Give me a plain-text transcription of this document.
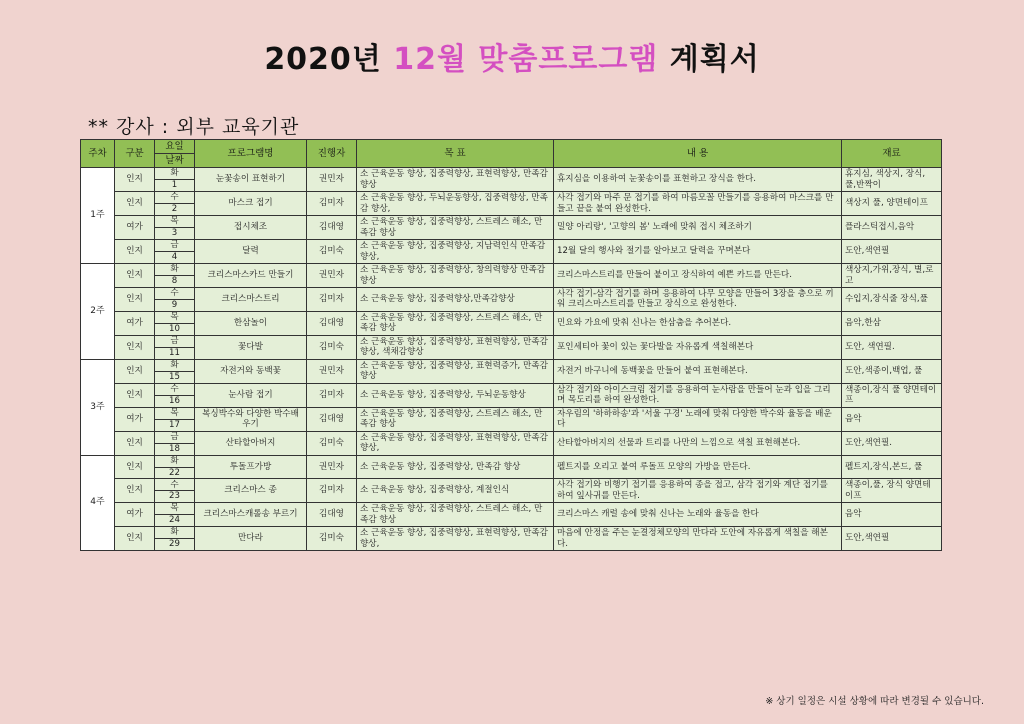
2020년 12월 맞춤프로그램 계획서
** 강사 : 외부 교육기관
주차	구분	요일	프로그램명	진행자	목 표	내 용	재료
		날짜					
1주	인지	화	눈꽃송이 표현하기	권민자	소 근육운동 향상, 집중력향상, 표현력향상, 만족감 향상	휴지심을 이용하여 눈꽃송이를 표현하고 장식을 한다.	휴지심, 색상지, 장식, 풀,반짝이
		1					
	인지	수	마스크 접기	김미자	소 근육운동 향상, 두뇌운동향상, 집중력향상, 만족감 향상,	사각 접기와 마주 문 접기를 하여 마름모꼴 만들기를 응용하여 마스크를 만들고 끝을 붙여 완성한다.	색상지 풀, 양면테이프
		2					
	여가	목	접시체조	김대영	소 근육운동 향상, 집중력향상, 스트레스 해소, 만족감 향상	밀양 아리랑', '고향의 봄' 노래에 맞춰 접시 체조하기	플라스틱접시,음악
		3					
	인지	금	달력	김미숙	소 근육운동 향상, 집중력향상, 지남력인식 만족감 향상,	12월 달의 행사와 절기를 알아보고 달력을 꾸며본다	도안,색연필
		4					
2주	인지	화	크리스마스카드 만들기	권민자	소 근육운동 향상, 집중력향상, 창의력향상 만족감향상	크리스마스트리를 만들어 붙이고 장식하여 예쁜 카드를 만든다.	색상지,가위,장식, 별,로고
		8					
	인지	수	크리스마스트리	김미자	소 근육운동 향상, 집중력향상,만족감향상	사각 접기-삼각 접기를 하며 응용하여 나무 모양을 만들어 3장을 층으로 끼워 크리스마스트리를 만들고 장식으로 완성한다.	수입지,장식줄 장식,풀
		9					
	여가	목	한삼놀이	김대영	소 근육운동 향상, 집중력향상, 스트레스 해소, 만족감 향상	민요와 가요에 맞춰 신나는 한삼춤을 추어본다.	음악,한삼
		10					
	인지	금	꽃다발	김미숙	소 근육운동 향상, 집중력향상, 표현력향상, 만족감 향상, 색채감향상	포인세티아 꽃이 있는 꽃다발을 자유롭게 색칠해본다	도안, 색연필.
		11					
3주	인지	화	자전거와 동백꽃	권민자	소 근육운동 향상, 집중력향상, 표현력증가, 만족감 향상	자전거 바구니에 동백꽃을 만들어 붙여 표현해본다.	도안,색종이,백업, 풀
		15					
	인지	수	눈사람 접기	김미자	소 근육운동 향상, 집중력향상, 두뇌운동향상	삼각 접기와 아이스크림 접기를 응용하여 눈사람을 만들어 눈과 입을 그리며 목도리를 하여 완성한다.	색종이,장식 풀 양면테이프
		16					
	여가	목	복싱박수와 다양한 박수배우기	김대영	소 근육운동 향상, 집중력향상, 스트레스 해소, 만족감 향상	자우림의 '하하하송'과 '서울 구경' 노래에 맞춰 다양한 박수와 율동을 배운다	음악
		17					
	인지	금	산타할아버지	김미숙	소 근육운동 향상, 집중력향상, 표현력향상, 만족감 향상,	산타할아버지의 선물과 트리를 나만의 느낌으로 색칠 표현해본다.	도안,색연필.
		18					
4주	인지	화	투돌프가방	권민자	소 근육운동 향상, 집중력향상, 만족감 향상	펠트지를 오리고 붙여 루돌프 모양의 가방을 만든다.	펠트지,장식,본드, 풀
		22					
	인지	수	크리스마스 종	김미자	소 근육운동 향상, 집중력향상, 계절인식	사각 접기와 비행기 접기를 응용하여 종을 접고, 삼각 접기와 계단 접기를 하여 잎사귀를 만든다.	색종이,풀, 장식 양면테이프
		23					
	여가	목	크리스마스캐롤송 부르기	김대영	소 근육운동 향상, 집중력향상, 스트레스 해소, 만족감 향상	크리스마스 캐럴 송에 맞춰 신나는 노래와 율동을 한다	음악
		24					
	인지	화	만다라	김미숙	소 근육운동 향상, 집중력향상, 표현력향상, 만족감 향상,	마음에 안정을 주는 눈결정체모양의 만다라 도안에 자유롭게 색칠을 해본다.	도안,색연필
		29					
※ 상기 일정은 시설 상황에 따라 변경될 수 있습니다.
